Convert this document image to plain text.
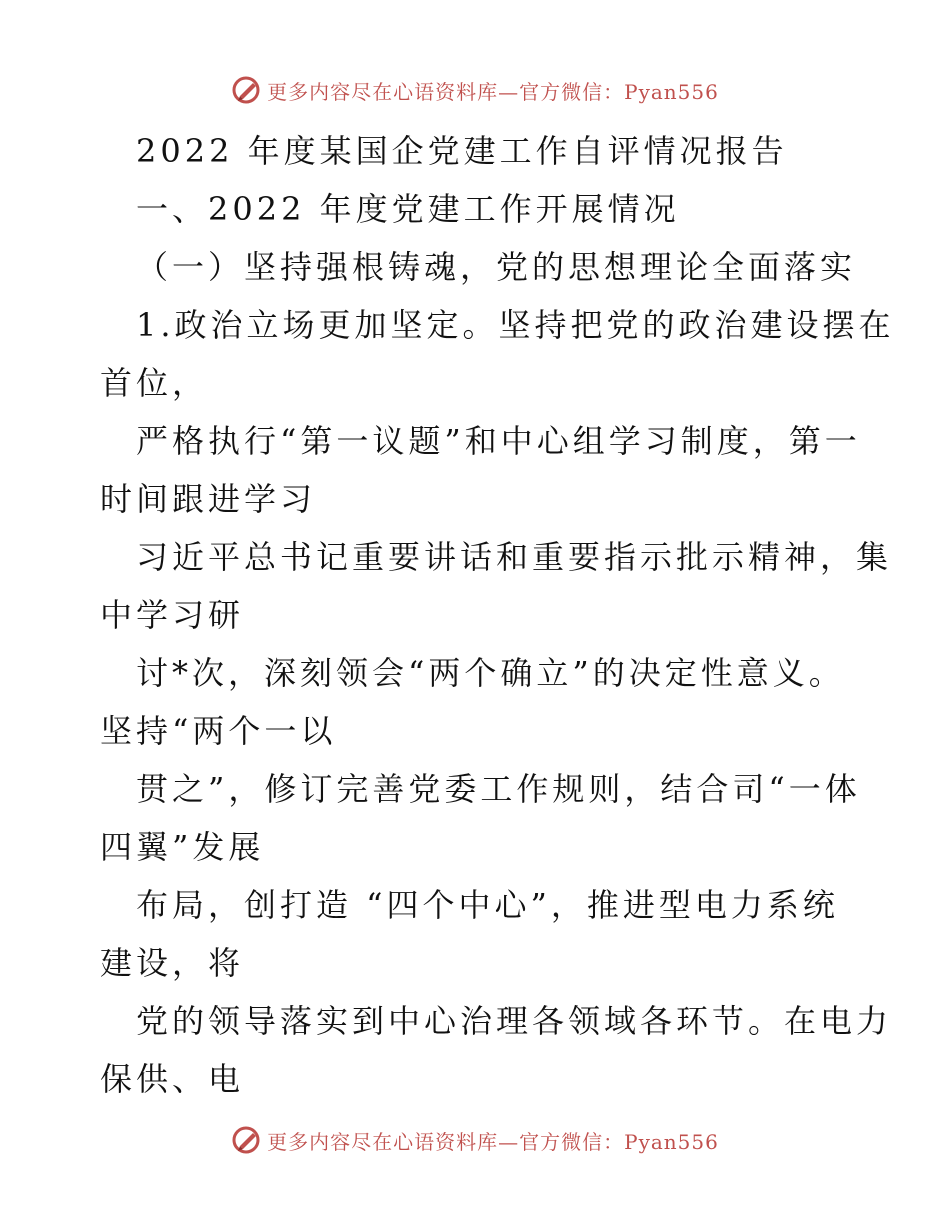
更多内容尽在心语资料库—官方微信：Pyan556
2022 年度某国企党建工作自评情况报告
一、2022 年度党建工作开展情况
（一）坚持强根铸魂，党的思想理论全面落实
1.政治立场更加坚定。坚持把党的政治建设摆在
首位，
严格执行“第一议题”和中心组学习制度，第一
时间跟进学习
习近平总书记重要讲话和重要指示批示精神，集
中学习研
讨*次，深刻领会“两个确立”的决定性意义。
坚持“两个一以
贯之”，修订完善党委工作规则，结合司“一体
四翼”发展
布局，创打造 “四个中心”，推进型电力系统
建设，将
党的领导落实到中心治理各领域各环节。在电力
保供、电
更多内容尽在心语资料库—官方微信：Pyan556
